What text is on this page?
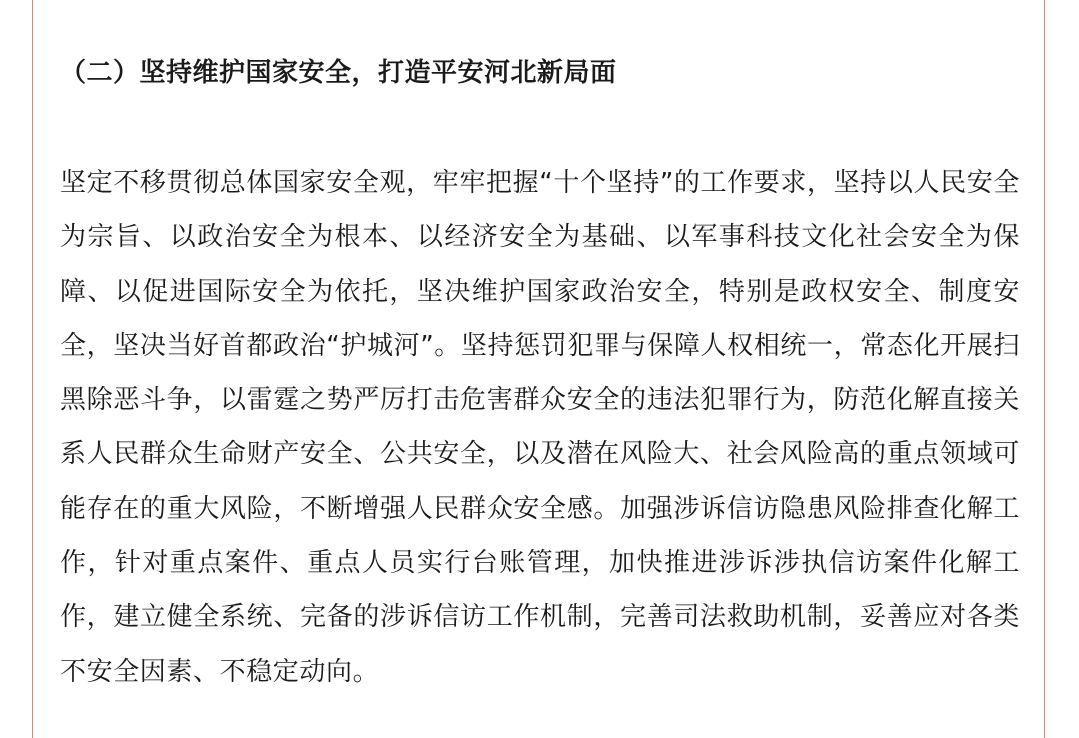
（二）坚持维护国家安全，打造平安河北新局面

坚定不移贯彻总体国家安全观，牢牢把握“十个坚持”的工作要求，坚持以人民安全为宗旨、以政治安全为根本、以经济安全为基础、以军事科技文化社会安全为保障、以促进国际安全为依托，坚决维护国家政治安全，特别是政权安全、制度安全，坚决当好首都政治“护城河”。坚持惩罚犯罪与保障人权相统一，常态化开展扫黑除恶斗争，以雷霆之势严厉打击危害群众安全的违法犯罪行为，防范化解直接关系人民群众生命财产安全、公共安全，以及潜在风险大、社会风险高的重点领域可能存在的重大风险，不断增强人民群众安全感。加强涉诉信访隐患风险排查化解工作，针对重点案件、重点人员实行台账管理，加快推进涉诉涉执信访案件化解工作，建立健全系统、完备的涉诉信访工作机制，完善司法救助机制，妥善应对各类不安全因素、不稳定动向。
